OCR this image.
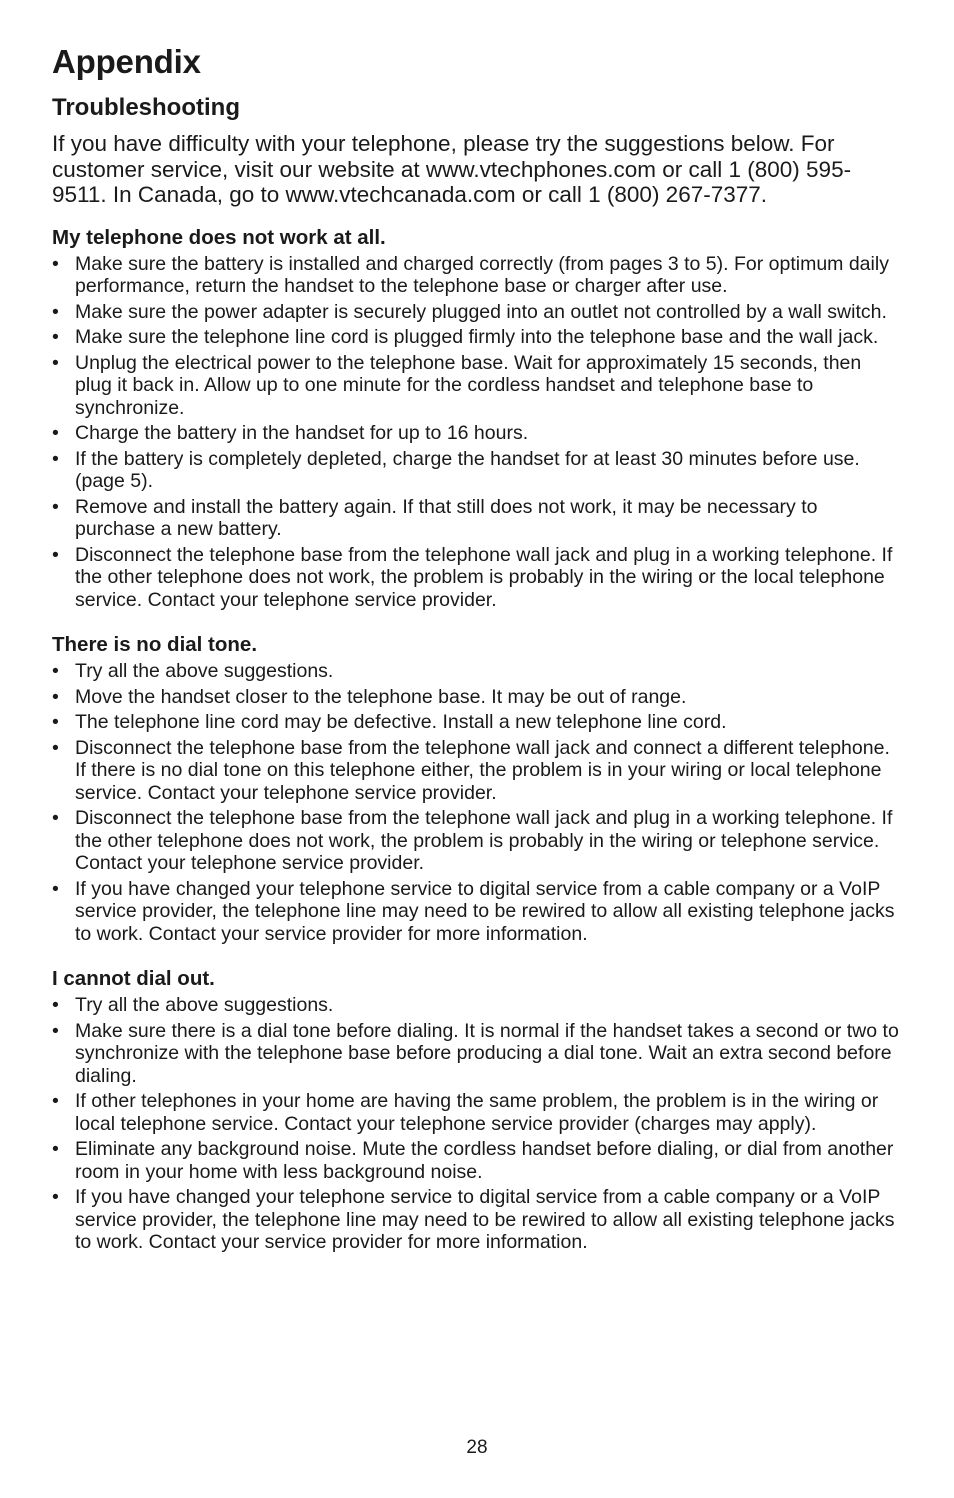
Appendix
Troubleshooting

If you have difficulty with your telephone, please try the suggestions below. For customer service, visit our website at www.vtechphones.com or call 1 (800) 595-9511. In Canada, go to www.vtechcanada.com or call 1 (800) 267-7377.

My telephone does not work at all.
• Make sure the battery is installed and charged correctly (from pages 3 to 5). For optimum daily performance, return the handset to the telephone base or charger after use.
• Make sure the power adapter is securely plugged into an outlet not controlled by a wall switch.
• Make sure the telephone line cord is plugged firmly into the telephone base and the wall jack.
• Unplug the electrical power to the telephone base. Wait for approximately 15 seconds, then plug it back in. Allow up to one minute for the cordless handset and telephone base to synchronize.
• Charge the battery in the handset for up to 16 hours.
• If the battery is completely depleted, charge the handset for at least 30 minutes before use. (page 5).
• Remove and install the battery again. If that still does not work, it may be necessary to purchase a new battery.
• Disconnect the telephone base from the telephone wall jack and plug in a working telephone. If the other telephone does not work, the problem is probably in the wiring or the local telephone service. Contact your telephone service provider.
There is no dial tone.
• Try all the above suggestions.
• Move the handset closer to the telephone base. It may be out of range.
• The telephone line cord may be defective. Install a new telephone line cord.
• Disconnect the telephone base from the telephone wall jack and connect a different telephone. If there is no dial tone on this telephone either, the problem is in your wiring or local telephone service. Contact your telephone service provider.
• Disconnect the telephone base from the telephone wall jack and plug in a working telephone. If the other telephone does not work, the problem is probably in the wiring or telephone service. Contact your telephone service provider.
• If you have changed your telephone service to digital service from a cable company or a VoIP service provider, the telephone line may need to be rewired to allow all existing telephone jacks to work. Contact your service provider for more information.
I cannot dial out.
• Try all the above suggestions.
• Make sure there is a dial tone before dialing. It is normal if the handset takes a second or two to synchronize with the telephone base before producing a dial tone. Wait an extra second before dialing.
• If other telephones in your home are having the same problem, the problem is in the wiring or local telephone service. Contact your telephone service provider (charges may apply).
• Eliminate any background noise. Mute the cordless handset before dialing, or dial from another room in your home with less background noise.
• If you have changed your telephone service to digital service from a cable company or a VoIP service provider, the telephone line may need to be rewired to allow all existing telephone jacks to work. Contact your service provider for more information.
28
